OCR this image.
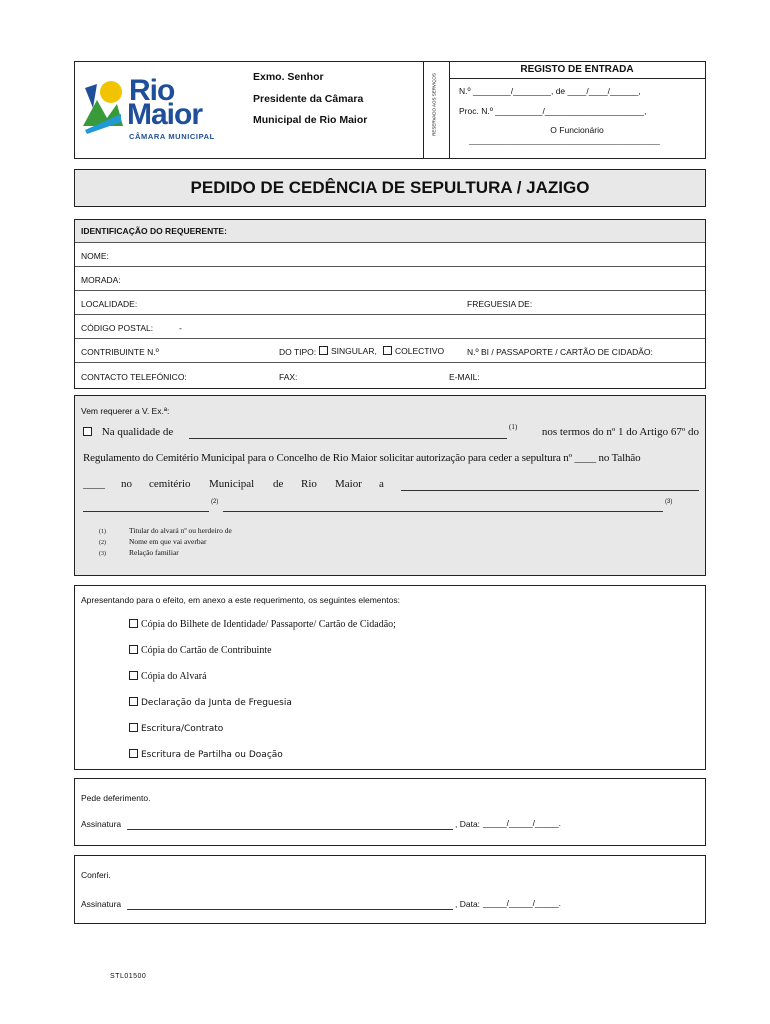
Rio
Maior
CÂMARA MUNICIPAL
Exmo. Senhor
Presidente da Câmara
Municipal de Rio Maior	RESERVADO AOS SERVIÇOS
REGISTO DE ENTRADA
N.º ________/________, de ____/____/______,
Proc. N.º __________/_____________________,
O Funcionário
_________________________________________________
PEDIDO DE CEDÊNCIA DE SEPULTURA / JAZIGO
IDENTIFICAÇÃO DO REQUERENTE:
NOME:
MORADA:
LOCALIDADE:	FREGUESIA DE:
CÓDIGO POSTAL:	-
CONTRIBUINTE N.º	DO TIPO:	SINGULAR,	COLECTIVO	N.º BI / PASSAPORTE / CARTÃO DE CIDADÃO:
CONTACTO TELEFÓNICO:	FAX:	E-MAIL:
Vem requerer a V. Ex.ª:
Na qualidade de	(1) nos termos do nº 1 do Artigo 67º do
Regulamento do Cemitério Municipal para o Concelho de Rio Maior solicitar autorização para ceder a sepultura nº ____ no Talhão
____ no cemitério Municipal de Rio Maior a
(2)	(3)
(1)	Titular do alvará nº ou herdeiro de
(2)	Nome em que vai averbar
(3)	Relação familiar
Apresentando para o efeito, em anexo a este requerimento, os seguintes elementos:
Cópia do Bilhete de Identidade/ Passaporte/ Cartão de Cidadão;
Cópia do Cartão de Contribuinte
Cópia do Alvará
Declaração da Junta de Freguesia
Escritura/Contrato
Escritura de Partilha ou Doação
Pede deferimento.
Assinatura	, Data: _____/_____/_____.
Conferi.
Assinatura	, Data: _____/_____/_____.
STL01500
